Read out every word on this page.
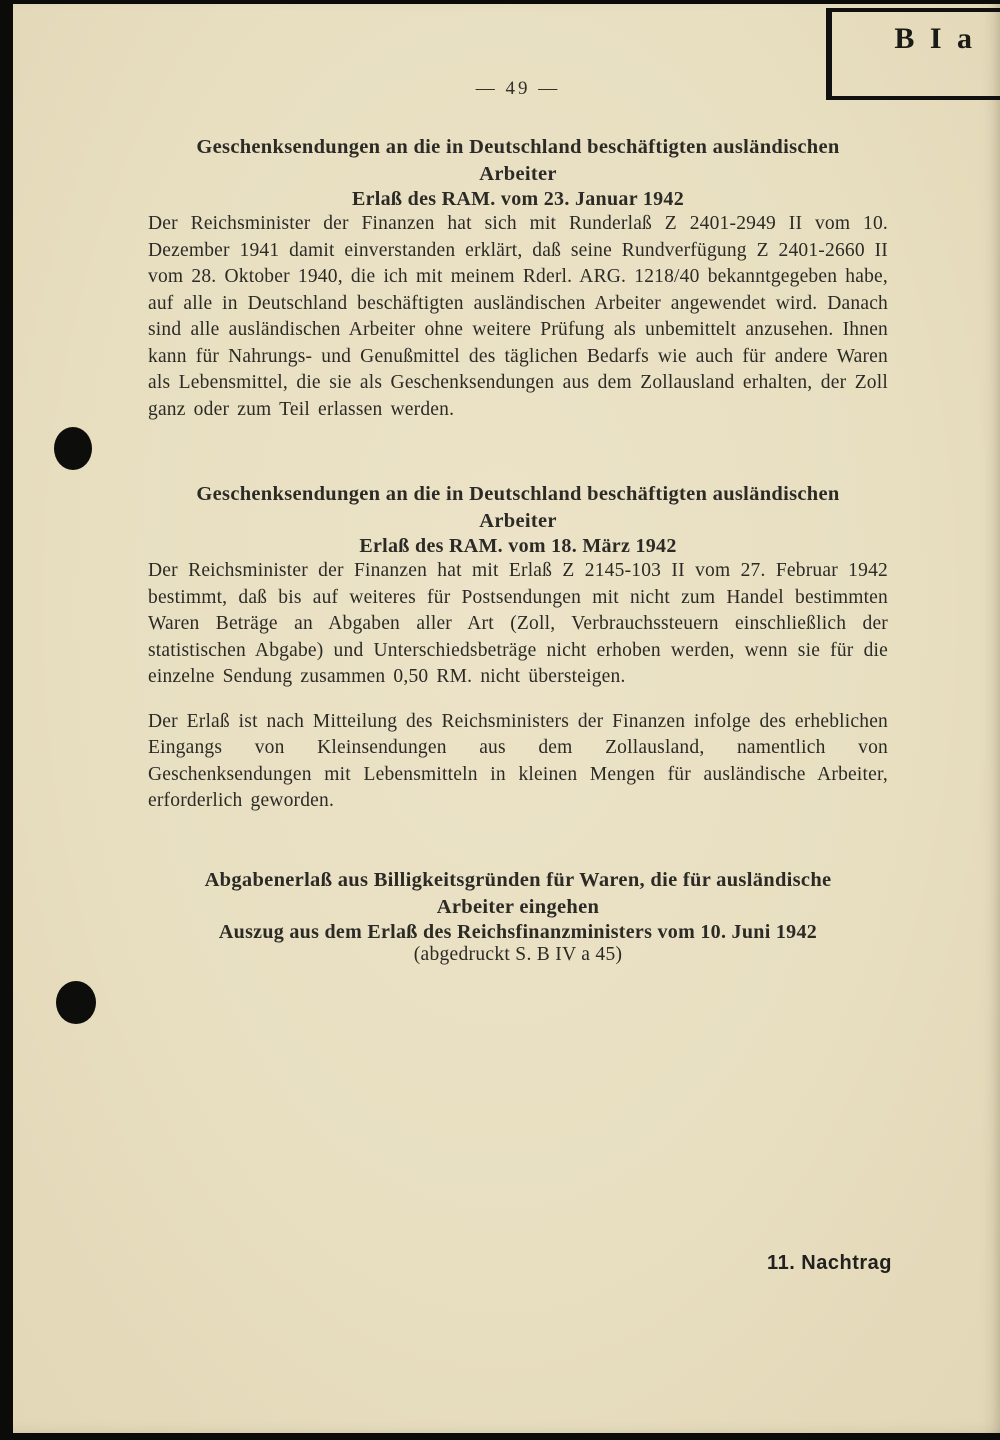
B I a
— 49 —
Geschenksendungen an die in Deutschland beschäftigten ausländischen
Arbeiter
Erlaß des RAM. vom 23. Januar 1942

Der Reichsminister der Finanzen hat sich mit Runderlaß Z 2401-2949 II vom 10. Dezember 1941 damit einverstanden erklärt, daß seine Rundverfügung Z 2401-2660 II vom 28. Oktober 1940, die ich mit meinem Rderl. ARG. 1218/40 bekanntgegeben habe, auf alle in Deutschland beschäftigten ausländischen Arbeiter angewendet wird. Danach sind alle ausländischen Arbeiter ohne weitere Prüfung als unbemittelt anzusehen. Ihnen kann für Nahrungs- und Genußmittel des täglichen Bedarfs wie auch für andere Waren als Lebensmittel, die sie als Geschenksendungen aus dem Zollausland erhalten, der Zoll ganz oder zum Teil erlassen werden.

Geschenksendungen an die in Deutschland beschäftigten ausländischen
Arbeiter
Erlaß des RAM. vom 18. März 1942

Der Reichsminister der Finanzen hat mit Erlaß Z 2145-103 II vom 27. Februar 1942 bestimmt, daß bis auf weiteres für Postsendungen mit nicht zum Handel bestimmten Waren Beträge an Abgaben aller Art (Zoll, Verbrauchssteuern einschließlich der statistischen Abgabe) und Unterschiedsbeträge nicht erhoben werden, wenn sie für die einzelne Sendung zusammen 0,50 RM. nicht übersteigen.

Der Erlaß ist nach Mitteilung des Reichsministers der Finanzen infolge des erheblichen Eingangs von Kleinsendungen aus dem Zollausland, namentlich von Geschenksendungen mit Lebensmitteln in kleinen Mengen für ausländische Arbeiter, erforderlich geworden.

Abgabenerlaß aus Billigkeitsgründen für Waren, die für ausländische
Arbeiter eingehen
Auszug aus dem Erlaß des Reichsfinanzministers vom 10. Juni 1942

(abgedruckt S. B IV a 45)

11. Nachtrag
